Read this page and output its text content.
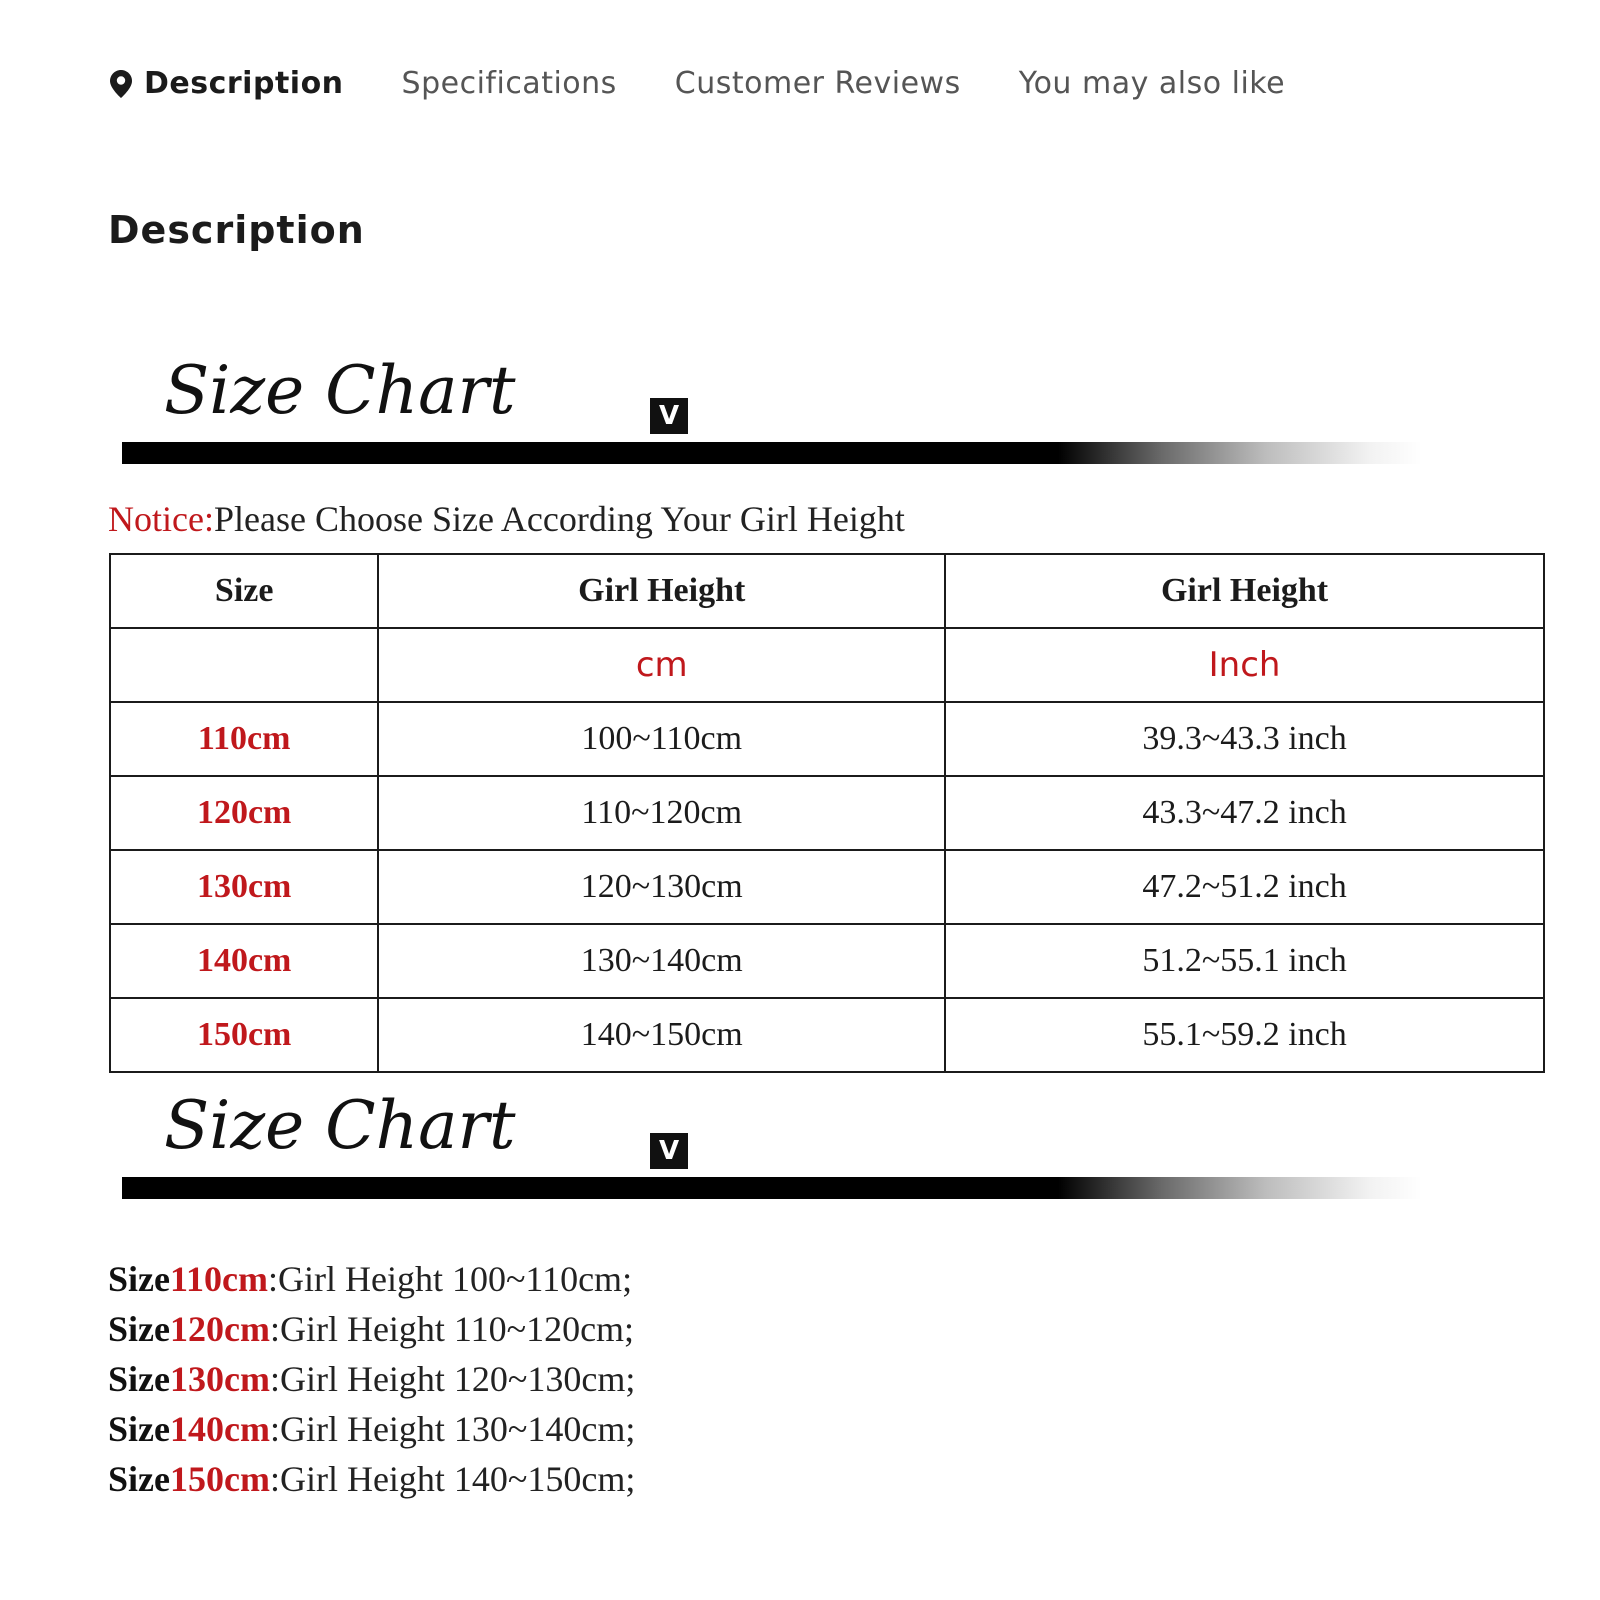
Description Specifications Customer Reviews You may also like
Description
Size Chart	V
Notice:Please Choose Size According Your Girl Height
Size	Girl Height	Girl Height
	cm	Inch
110cm	100~110cm	39.3~43.3 inch
120cm	110~120cm	43.3~47.2 inch
130cm	120~130cm	47.2~51.2 inch
140cm	130~140cm	51.2~55.1 inch
150cm	140~150cm	55.1~59.2 inch
Size Chart	V
Size110cm:Girl Height 100~110cm;
Size120cm:Girl Height 110~120cm;
Size130cm:Girl Height 120~130cm;
Size140cm:Girl Height 130~140cm;
Size150cm:Girl Height 140~150cm;
